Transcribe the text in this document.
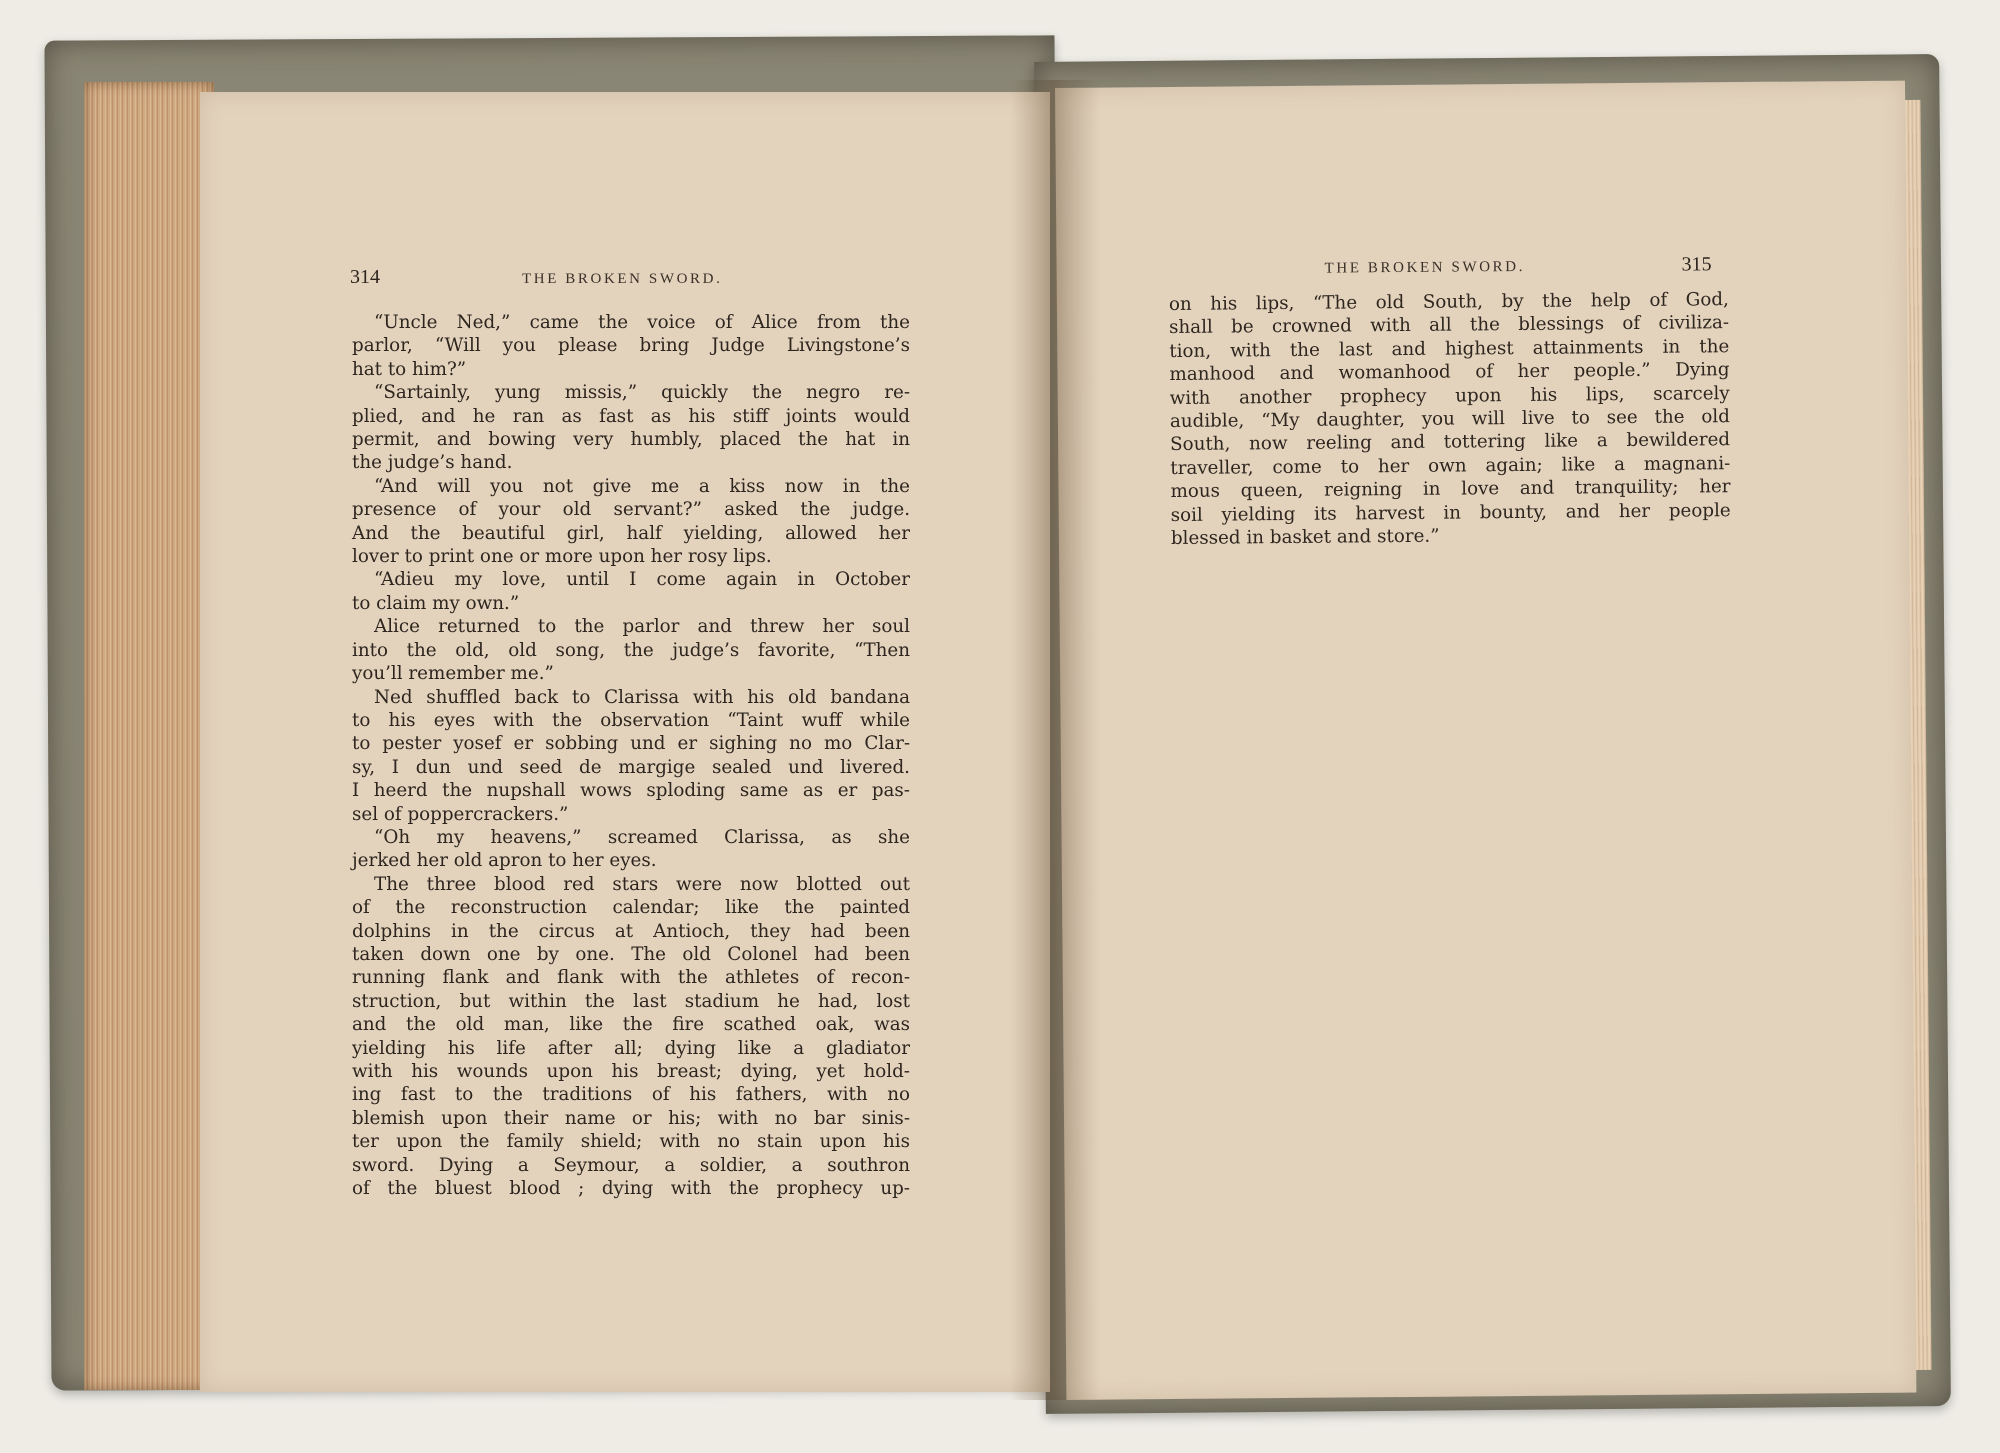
314	THE BROKEN SWORD.
“Uncle Ned,” came the voice of Alice from the
parlor, “Will you please bring Judge Livingstone’s
hat to him?”
“Sartainly, yung missis,” quickly the negro re-
plied, and he ran as fast as his stiff joints would
permit, and bowing very humbly, placed the hat in
the judge’s hand.
“And will you not give me a kiss now in the
presence of your old servant?” asked the judge.
And the beautiful girl, half yielding, allowed her
lover to print one or more upon her rosy lips.
“Adieu my love, until I come again in October
to claim my own.”
Alice returned to the parlor and threw her soul
into the old, old song, the judge’s favorite, “Then
you’ll remember me.”
Ned shuffled back to Clarissa with his old bandana
to his eyes with the observation “Taint wuff while
to pester yosef er sobbing und er sighing no mo Clar-
sy, I dun und seed de margige sealed und livered.
I heerd the nupshall wows sploding same as er pas-
sel of poppercrackers.”
“Oh my heavens,” screamed Clarissa, as she
jerked her old apron to her eyes.
The three blood red stars were now blotted out
of the reconstruction calendar; like the painted
dolphins in the circus at Antioch, they had been
taken down one by one. The old Colonel had been
running flank and flank with the athletes of recon-
struction, but within the last stadium he had, lost
and the old man, like the fire scathed oak, was
yielding his life after all; dying like a gladiator
with his wounds upon his breast; dying, yet hold-
ing fast to the traditions of his fathers, with no
blemish upon their name or his; with no bar sinis-
ter upon the family shield; with no stain upon his
sword. Dying a Seymour, a soldier, a southron
of the bluest blood ; dying with the prophecy up-
THE BROKEN SWORD.	315
on his lips, “The old South, by the help of God,
shall be crowned with all the blessings of civiliza-
tion, with the last and highest attainments in the
manhood and womanhood of her people.” Dying
with another prophecy upon his lips, scarcely
audible, “My daughter, you will live to see the old
South, now reeling and tottering like a bewildered
traveller, come to her own again; like a magnani-
mous queen, reigning in love and tranquility; her
soil yielding its harvest in bounty, and her people
blessed in basket and store.”
